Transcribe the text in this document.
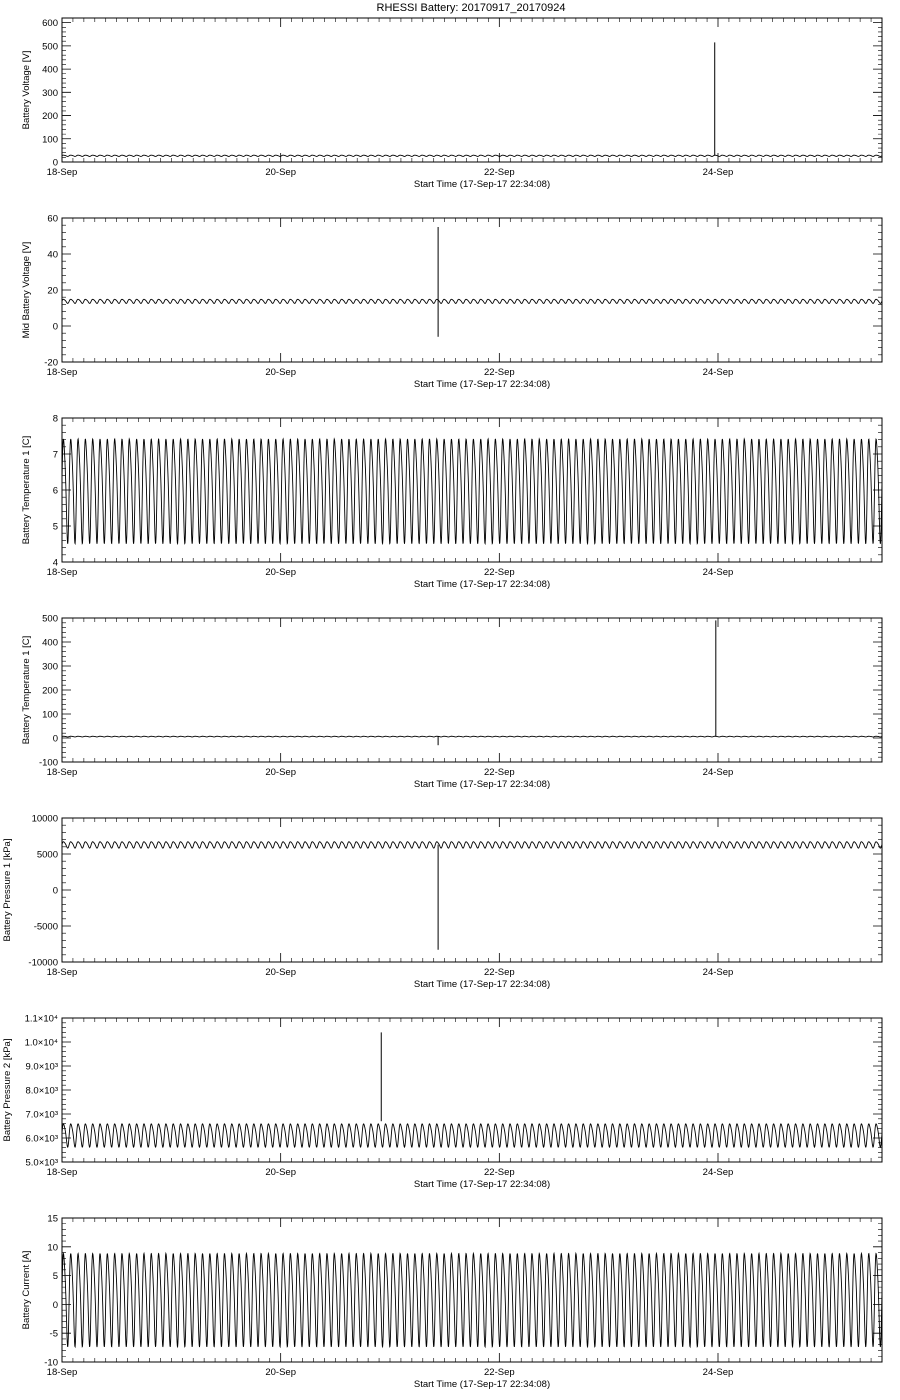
RHESSI Battery: 20170917_20170924
0
100
200
300
400
500
600
18-Sep	20-Sep	22-Sep	24-Sep
Start Time (17-Sep-17 22:34:08)
Battery Voltage [V]
-20
0
20
40
60
18-Sep	20-Sep	22-Sep	24-Sep
Start Time (17-Sep-17 22:34:08)
Mid Battery Voltage [V]
4
5
6
7
8
18-Sep	20-Sep	22-Sep	24-Sep
Start Time (17-Sep-17 22:34:08)
Battery Temperature 1 [C]
-100
0
100
200
300
400
500
18-Sep	20-Sep	22-Sep	24-Sep
Start Time (17-Sep-17 22:34:08)
Battery Temperature 1 [C]
-10000
-5000
0
5000
10000
18-Sep	20-Sep	22-Sep	24-Sep
Start Time (17-Sep-17 22:34:08)
Battery Pressure 1 [kPa]
5.0×10³
6.0×10³
7.0×10³
8.0×10³
9.0×10³
1.0×10⁴
1.1×10⁴
18-Sep	20-Sep	22-Sep	24-Sep
Start Time (17-Sep-17 22:34:08)
Battery Pressure 2 [kPa]
-10
-5
0
5
10
15
18-Sep	20-Sep	22-Sep	24-Sep
Start Time (17-Sep-17 22:34:08)
Battery Current [A]
